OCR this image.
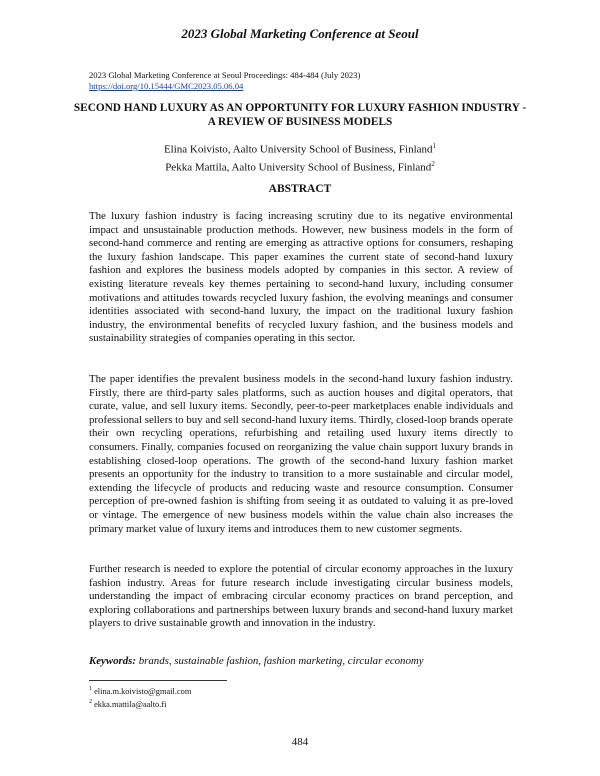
2023 Global Marketing Conference at Seoul
2023 Global Marketing Conference at Seoul Proceedings: 484-484 (July 2023)
https://doi.org/10.15444/GMC2023.05.06.04
SECOND HAND LUXURY AS AN OPPORTUNITY FOR LUXURY FASHION INDUSTRY - A REVIEW OF BUSINESS MODELS
Elina Koivisto, Aalto University School of Business, Finland$^1$
Pekka Mattila, Aalto University School of Business, Finland$^2$
ABSTRACT

The luxury fashion industry is facing increasing scrutiny due to its negative environmental impact and unsustainable production methods. However, new business models in the form of second-hand commerce and renting are emerging as attractive options for consumers, reshaping the luxury fashion landscape. This paper examines the current state of second-hand luxury fashion and explores the business models adopted by companies in this sector. A review of existing literature reveals key themes pertaining to second-hand luxury, including consumer motivations and attitudes towards recycled luxury fashion, the evolving meanings and consumer identities associated with second-hand luxury, the impact on the traditional luxury fashion industry, the environmental benefits of recycled luxury fashion, and the business models and sustainability strategies of companies operating in this sector.

The paper identifies the prevalent business models in the second-hand luxury fashion industry. Firstly, there are third-party sales platforms, such as auction houses and digital operators, that curate, value, and sell luxury items. Secondly, peer-to-peer marketplaces enable individuals and professional sellers to buy and sell second-hand luxury items. Thirdly, closed-loop brands operate their own recycling operations, refurbishing and retailing used luxury items directly to consumers. Finally, companies focused on reorganizing the value chain support luxury brands in establishing closed-loop operations. The growth of the second-hand luxury fashion market presents an opportunity for the industry to transition to a more sustainable and circular model, extending the lifecycle of products and reducing waste and resource consumption. Consumer perception of pre-owned fashion is shifting from seeing it as outdated to valuing it as pre-loved or vintage. The emergence of new business models within the value chain also increases the primary market value of luxury items and introduces them to new customer segments.

Further research is needed to explore the potential of circular economy approaches in the luxury fashion industry. Areas for future research include investigating circular business models, understanding the impact of embracing circular economy practices on brand perception, and exploring collaborations and partnerships between luxury brands and second-hand luxury market players to drive sustainable growth and innovation in the industry.

Keywords: brands, sustainable fashion, fashion marketing, circular economy
$^1$ elina.m.koivisto@gmail.com
$^2$ ekka.mattila@aalto.fi
484
